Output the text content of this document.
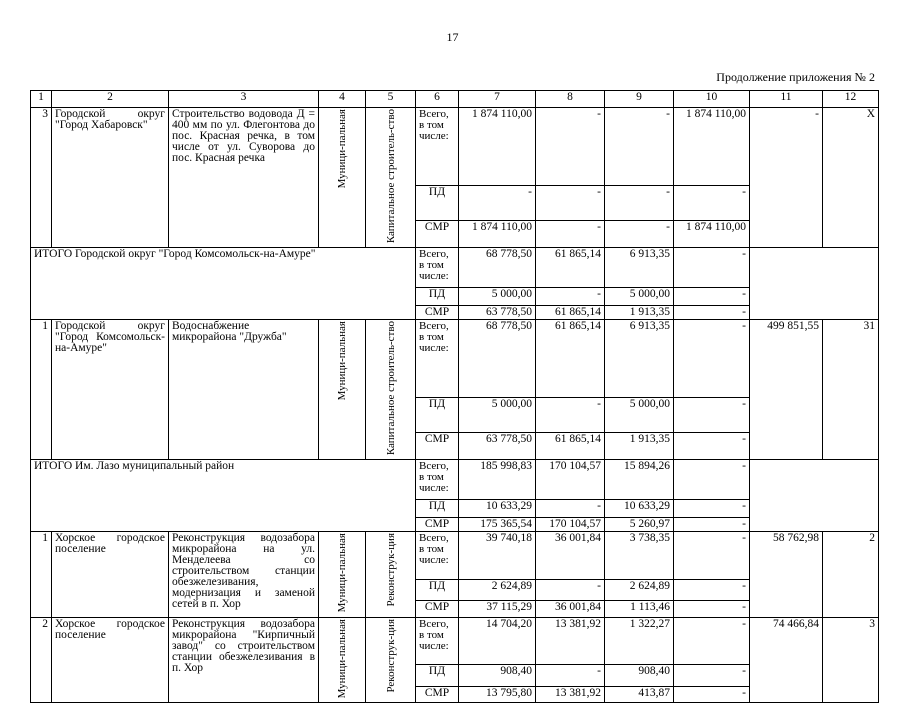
17
Продолжение приложения № 2
1	2	3	4	5	6	7	8	9	10	11	12
3	Городской округ "Город Хабаровск"	Строительство водовода Д = 400 мм по ул. Флегонтова до пос. Красная речка, в том числе от ул. Суворова до пос. Красная речка	Муници-пальная	Капитальное строитель-ство	Всего, в том числе:	1 874 110,00	-	-	1 874 110,00	-	Х
					ПД	-	-	-	-		
					СМР	1 874 110,00	-	-	1 874 110,00		
ИТОГО Городской округ "Город Комсомольск-на-Амуре"					Всего, в том числе:	68 778,50	61 865,14	6 913,35	-		
					ПД	5 000,00	-	5 000,00	-		
					СМР	63 778,50	61 865,14	1 913,35	-		
1	Городской округ "Город Комсомольск-на-Амуре"	Водоснабжение микрорайона "Дружба"	Муници-пальная	Капитальное строитель-ство	Всего, в том числе:	68 778,50	61 865,14	6 913,35	-	499 851,55	31
					ПД	5 000,00	-	5 000,00	-		
					СМР	63 778,50	61 865,14	1 913,35	-		
ИТОГО Им. Лазо муниципальный район					Всего, в том числе:	185 998,83	170 104,57	15 894,26	-		
					ПД	10 633,29	-	10 633,29	-		
					СМР	175 365,54	170 104,57	5 260,97	-		
1	Хорское городское поселение	Реконструкция водозабора микрорайона на ул. Менделеева со строительством станции обезжелезивания, модернизация и заменой сетей в п. Хор	Муници-пальная	Реконструк-ция	Всего, в том числе:	39 740,18	36 001,84	3 738,35	-	58 762,98	2
					ПД	2 624,89	-	2 624,89	-		
					СМР	37 115,29	36 001,84	1 113,46	-		
2	Хорское городское поселение	Реконструкция водозабора микрорайона "Кирпичный завод" со строительством станции обезжелезивания в п. Хор	Муници-пальная	Реконструк-ция	Всего, в том числе:	14 704,20	13 381,92	1 322,27	-	74 466,84	3
					ПД	908,40	-	908,40	-		
					СМР	13 795,80	13 381,92	413,87	-		
